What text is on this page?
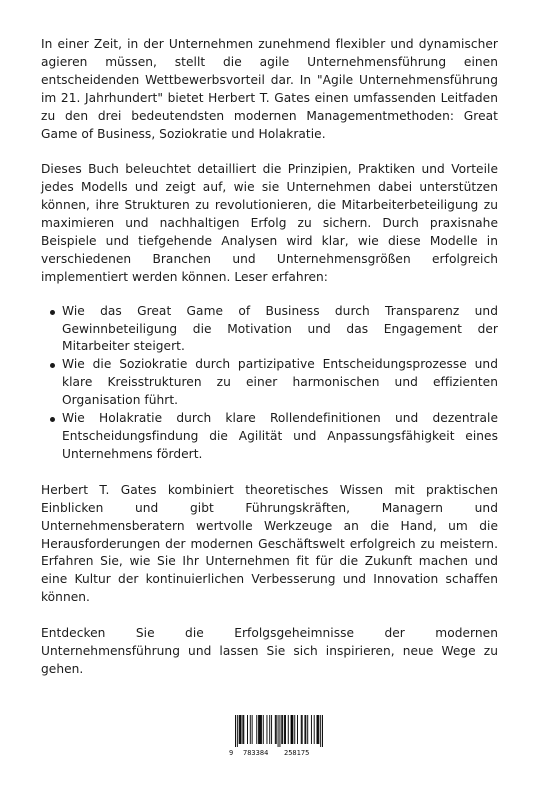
In einer Zeit, in der Unternehmen zunehmend flexibler und dynamischer agieren müssen, stellt die agile Unternehmensführung einen entscheidenden Wettbewerbsvorteil dar. In "Agile Unternehmensführung im 21. Jahrhundert" bietet Herbert T. Gates einen umfassenden Leitfaden zu den drei bedeutendsten modernen Managementmethoden: Great Game of Business, Soziokratie und Holakratie.

Dieses Buch beleuchtet detailliert die Prinzipien, Praktiken und Vorteile jedes Modells und zeigt auf, wie sie Unternehmen dabei unterstützen können, ihre Strukturen zu revolutionieren, die Mitarbeiterbeteiligung zu maximieren und nachhaltigen Erfolg zu sichern. Durch praxisnahe Beispiele und tiefgehende Analysen wird klar, wie diese Modelle in verschiedenen Branchen und Unternehmensgrößen erfolgreich implementiert werden können. Leser erfahren:

Wie das Great Game of Business durch Transparenz und Gewinnbeteiligung die Motivation und das Engagement der Mitarbeiter steigert.
Wie die Soziokratie durch partizipative Entscheidungsprozesse und klare Kreisstrukturen zu einer harmonischen und effizienten Organisation führt.
Wie Holakratie durch klare Rollendefinitionen und dezentrale Entscheidungsfindung die Agilität und Anpassungsfähigkeit eines Unternehmens fördert.

Herbert T. Gates kombiniert theoretisches Wissen mit praktischen Einblicken und gibt Führungskräften, Managern und Unternehmensberatern wertvolle Werkzeuge an die Hand, um die Herausforderungen der modernen Geschäftswelt erfolgreich zu meistern. Erfahren Sie, wie Sie Ihr Unternehmen fit für die Zukunft machen und eine Kultur der kontinuierlichen Verbesserung und Innovation schaffen können.

Entdecken Sie die Erfolgsgeheimnisse der modernen Unternehmensführung und lassen Sie sich inspirieren, neue Wege zu gehen.

9 783384 258175
